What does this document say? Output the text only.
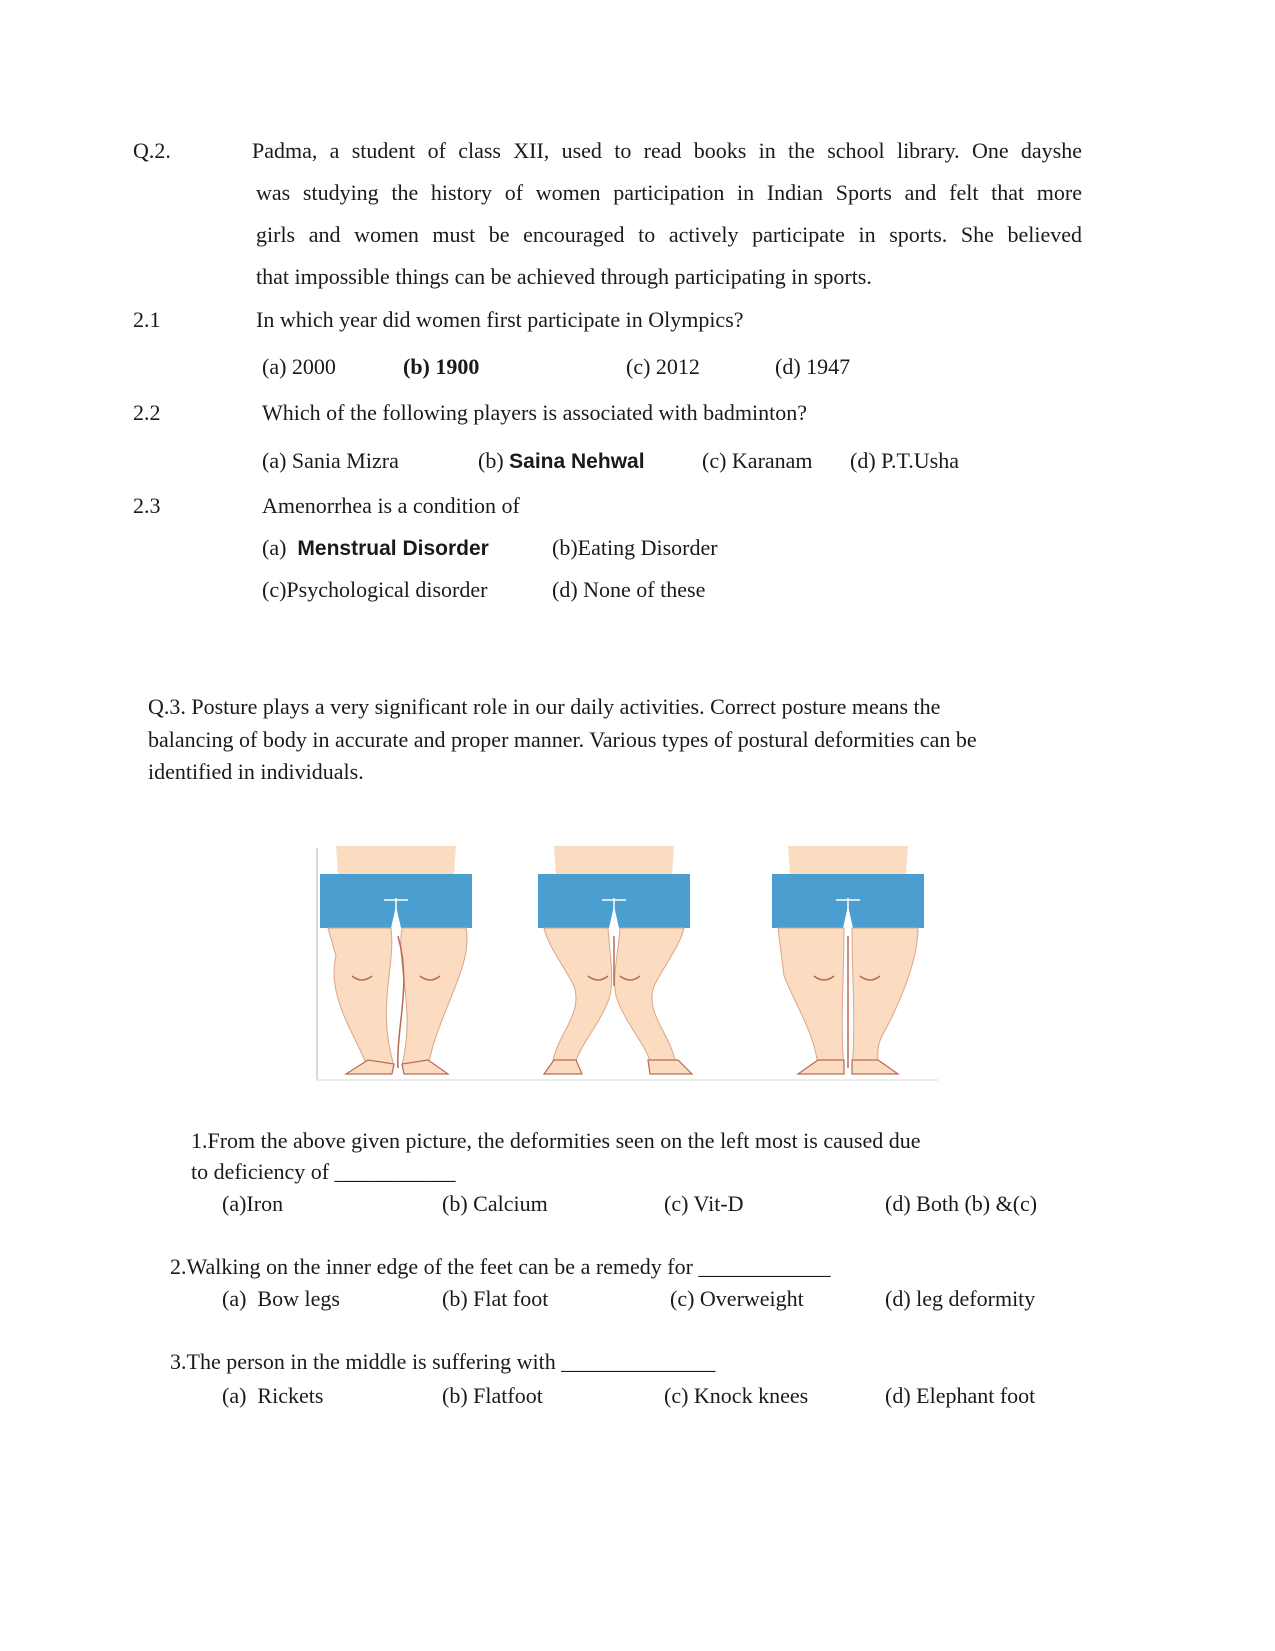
Q.2.	Padma, a student of class XII, used to read books in the school library. One dayshe
was studying the history of women participation in Indian Sports and felt that more
girls and women must be encouraged to actively participate in sports. She believed
that impossible things can be achieved through participating in sports.
2.1	In which year did women first participate in Olympics?
(a) 2000	(b) 1900	(c) 2012	(d) 1947
2.2	Which of the following players is associated with badminton?
(a) Sania Mizra	(b) Saina Nehwal	(c) Karanam (d) P.T.Usha
2.3	Amenorrhea is a condition of
(a) Menstrual Disorder	(b)Eating Disorder
(c)Psychological disorder	(d) None of these
Q.3. Posture plays a very significant role in our daily activities. Correct posture means the
balancing of body in accurate and proper manner. Various types of postural deformities can be
identified in individuals.
1.From the above given picture, the deformities seen on the left most is caused due
to deficiency of ___________
(a)Iron	(b) Calcium	(c) Vit-D	(d) Both (b) &(c)
2.Walking on the inner edge of the feet can be a remedy for ____________
(a) Bow legs	(b) Flat foot	(c) Overweight	(d) leg deformity
3.The person in the middle is suffering with ______________
(a) Rickets	(b) Flatfoot	(c) Knock knees	(d) Elephant foot
